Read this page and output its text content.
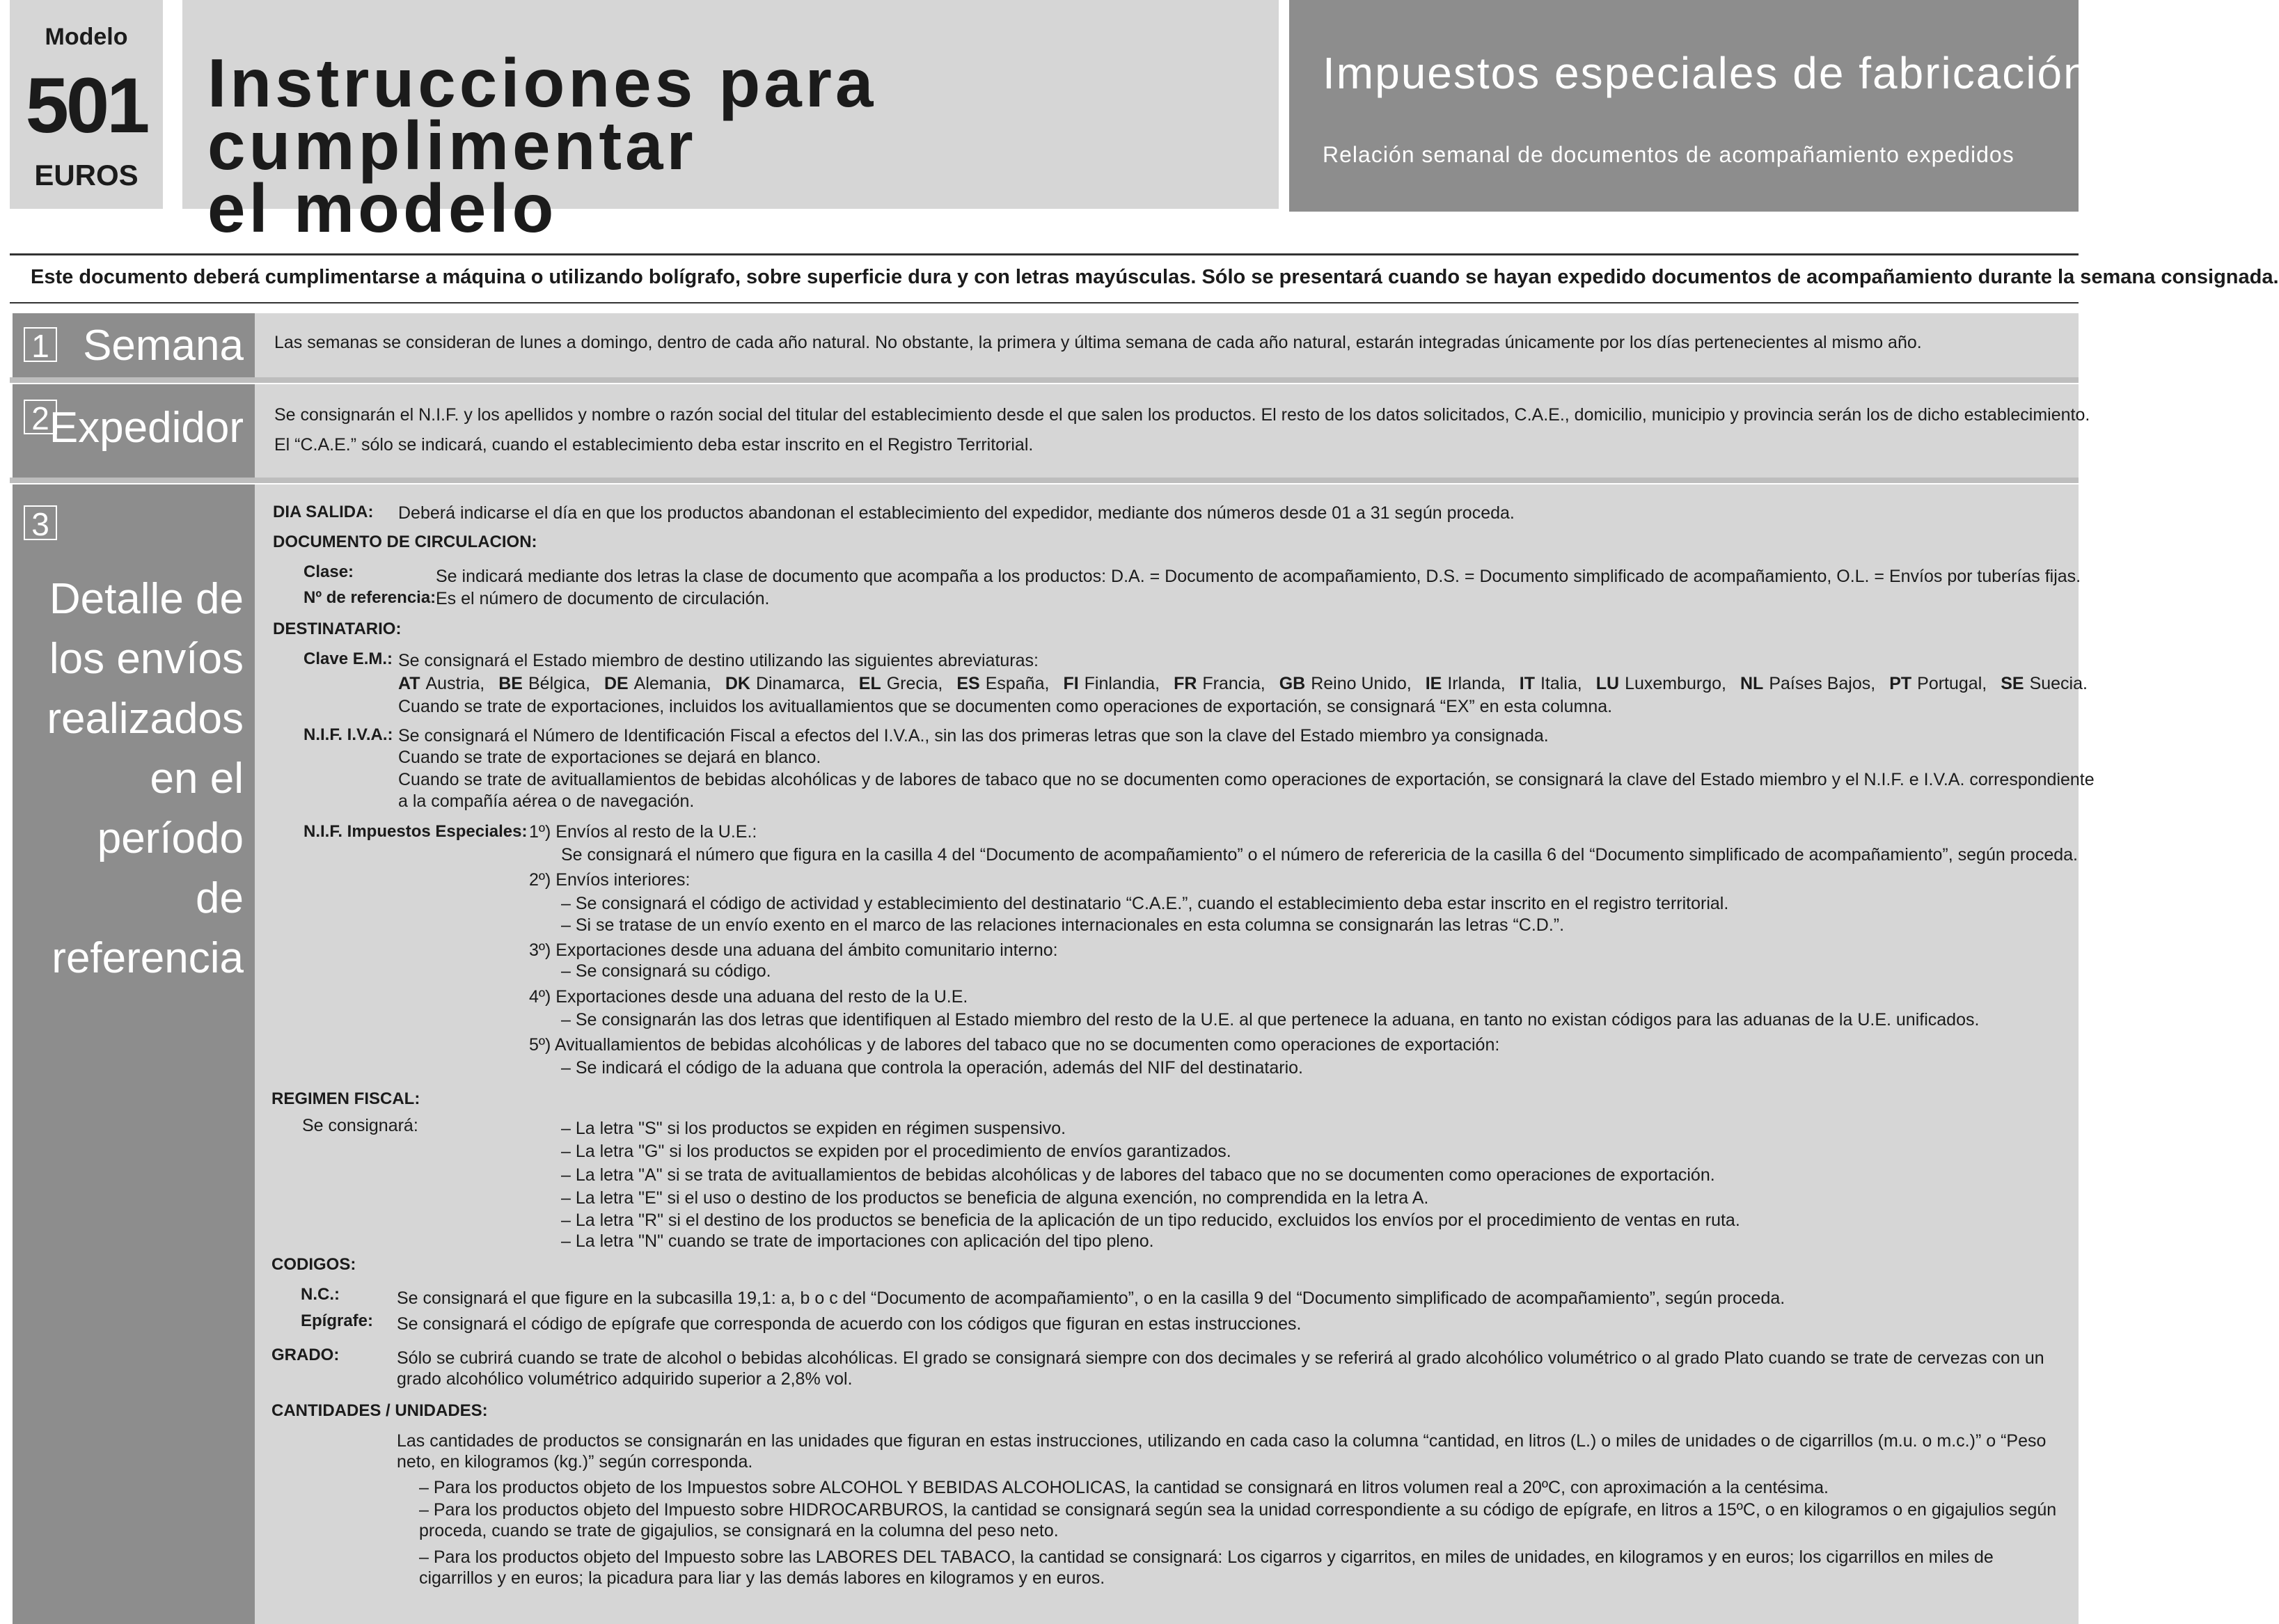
Modelo
501
EUROS
Instrucciones para cumplimentar
el modelo
Impuestos especiales de fabricación
Relación semanal de documentos de acompañamiento expedidos
Este documento deberá cumplimentarse a máquina o utilizando bolígrafo, sobre superficie dura y con letras mayúsculas. Sólo se presentará cuando se hayan expedido documentos de acompañamiento durante la semana consignada.
1 Semana Las semanas se consideran de lunes a domingo, dentro de cada año natural. No obstante, la primera y última semana de cada año natural, estarán integradas únicamente por los días pertenecientes al mismo año.
2 Expedidor Se consignarán el N.I.F. y los apellidos y nombre o razón social del titular del establecimiento desde el que salen los productos. El resto de los datos solicitados, C.A.E., domicilio, municipio y provincia serán los de dicho establecimiento.
El “C.A.E.” sólo se indicará, cuando el establecimiento deba estar inscrito en el Registro Territorial.
3
Detalle de
los envíos
realizados
en el período
de referencia
DIA SALIDA: Deberá indicarse el día en que los productos abandonan el establecimiento del expedidor, mediante dos números desde 01 a 31 según proceda.
DOCUMENTO DE CIRCULACION:
Clase:	Se indicará mediante dos letras la clase de documento que acompaña a los productos: D.A. = Documento de acompañamiento, D.S. = Documento simplificado de acompañamiento, O.L. = Envíos por tuberías fijas.
Nº de referencia: Es el número de documento de circulación.
DESTINATARIO:
Clave E.M.: Se consignará el Estado miembro de destino utilizando las siguientes abreviaturas:
AT Austria, BE Bélgica, DE Alemania, DK Dinamarca, EL Grecia, ES España, FI Finlandia, FR Francia, GB Reino Unido, IE Irlanda, IT Italia, LU Luxemburgo, NL Países Bajos, PT Portugal, SE Suecia.
Cuando se trate de exportaciones, incluidos los avituallamientos que se documenten como operaciones de exportación, se consignará “EX” en esta columna.
N.I.F. I.V.A.: Se consignará el Número de Identificación Fiscal a efectos del I.V.A., sin las dos primeras letras que son la clave del Estado miembro ya consignada.
Cuando se trate de exportaciones se dejará en blanco.
Cuando se trate de avituallamientos de bebidas alcohólicas y de labores de tabaco que no se documenten como operaciones de exportación, se consignará la clave del Estado miembro y el N.I.F. e I.V.A. correspondiente
a la compañía aérea o de navegación.
N.I.F. Impuestos Especiales: 1º) Envíos al resto de la U.E.:
Se consignará el número que figura en la casilla 4 del “Documento de acompañamiento” o el número de referericia de la casilla 6 del “Documento simplificado de acompañamiento”, según proceda.
2º) Envíos interiores:
– Se consignará el código de actividad y establecimiento del destinatario “C.A.E.”, cuando el establecimiento deba estar inscrito en el registro territorial.
– Si se tratase de un envío exento en el marco de las relaciones internacionales en esta columna se consignarán las letras “C.D.”.
3º) Exportaciones desde una aduana del ámbito comunitario interno:
– Se consignará su código.
4º) Exportaciones desde una aduana del resto de la U.E.
– Se consignarán las dos letras que identifiquen al Estado miembro del resto de la U.E. al que pertenece la aduana, en tanto no existan códigos para las aduanas de la U.E. unificados.
5º) Avituallamientos de bebidas alcohólicas y de labores del tabaco que no se documenten como operaciones de exportación:
– Se indicará el código de la aduana que controla la operación, además del NIF del destinatario.
REGIMEN FISCAL:
Se consignará:	– La letra "S" si los productos se expiden en régimen suspensivo.
– La letra "G" si los productos se expiden por el procedimiento de envíos garantizados.
– La letra "A" si se trata de avituallamientos de bebidas alcohólicas y de labores del tabaco que no se documenten como operaciones de exportación.
– La letra "E" si el uso o destino de los productos se beneficia de alguna exención, no comprendida en la letra A.
– La letra "R" si el destino de los productos se beneficia de la aplicación de un tipo reducido, excluidos los envíos por el procedimiento de ventas en ruta.
– La letra "N" cuando se trate de importaciones con aplicación del tipo pleno.
CODIGOS:
N.C.:	Se consignará el que figure en la subcasilla 19,1: a, b o c del “Documento de acompañamiento”, o en la casilla 9 del “Documento simplificado de acompañamiento”, según proceda.
Epígrafe: Se consignará el código de epígrafe que corresponda de acuerdo con los códigos que figuran en estas instrucciones.
GRADO:	Sólo se cubrirá cuando se trate de alcohol o bebidas alcohólicas. El grado se consignará siempre con dos decimales y se referirá al grado alcohólico volumétrico o al grado Plato cuando se trate de cervezas con un grado alcohólico volumétrico adquirido superior a 2,8% vol.
CANTIDADES / UNIDADES:
Las cantidades de productos se consignarán en las unidades que figuran en estas instrucciones, utilizando en cada caso la columna “cantidad, en litros (L.) o miles de unidades o de cigarrillos (m.u. o m.c.)” o “Peso neto, en kilogramos (kg.)” según corresponda.
– Para los productos objeto de los Impuestos sobre ALCOHOL Y BEBIDAS ALCOHOLICAS, la cantidad se consignará en litros volumen real a 20ºC, con aproximación a la centésima.
– Para los productos objeto del Impuesto sobre HIDROCARBUROS, la cantidad se consignará según sea la unidad correspondiente a su código de epígrafe, en litros a 15ºC, o en kilogramos o en gigajulios según proceda, cuando se trate de gigajulios, se consignará en la columna del peso neto.
– Para los productos objeto del Impuesto sobre las LABORES DEL TABACO, la cantidad se consignará: Los cigarros y cigarritos, en miles de unidades, en kilogramos y en euros; los cigarrillos en miles de cigarrillos y en euros; la picadura para liar y las demás labores en kilogramos y en euros.
